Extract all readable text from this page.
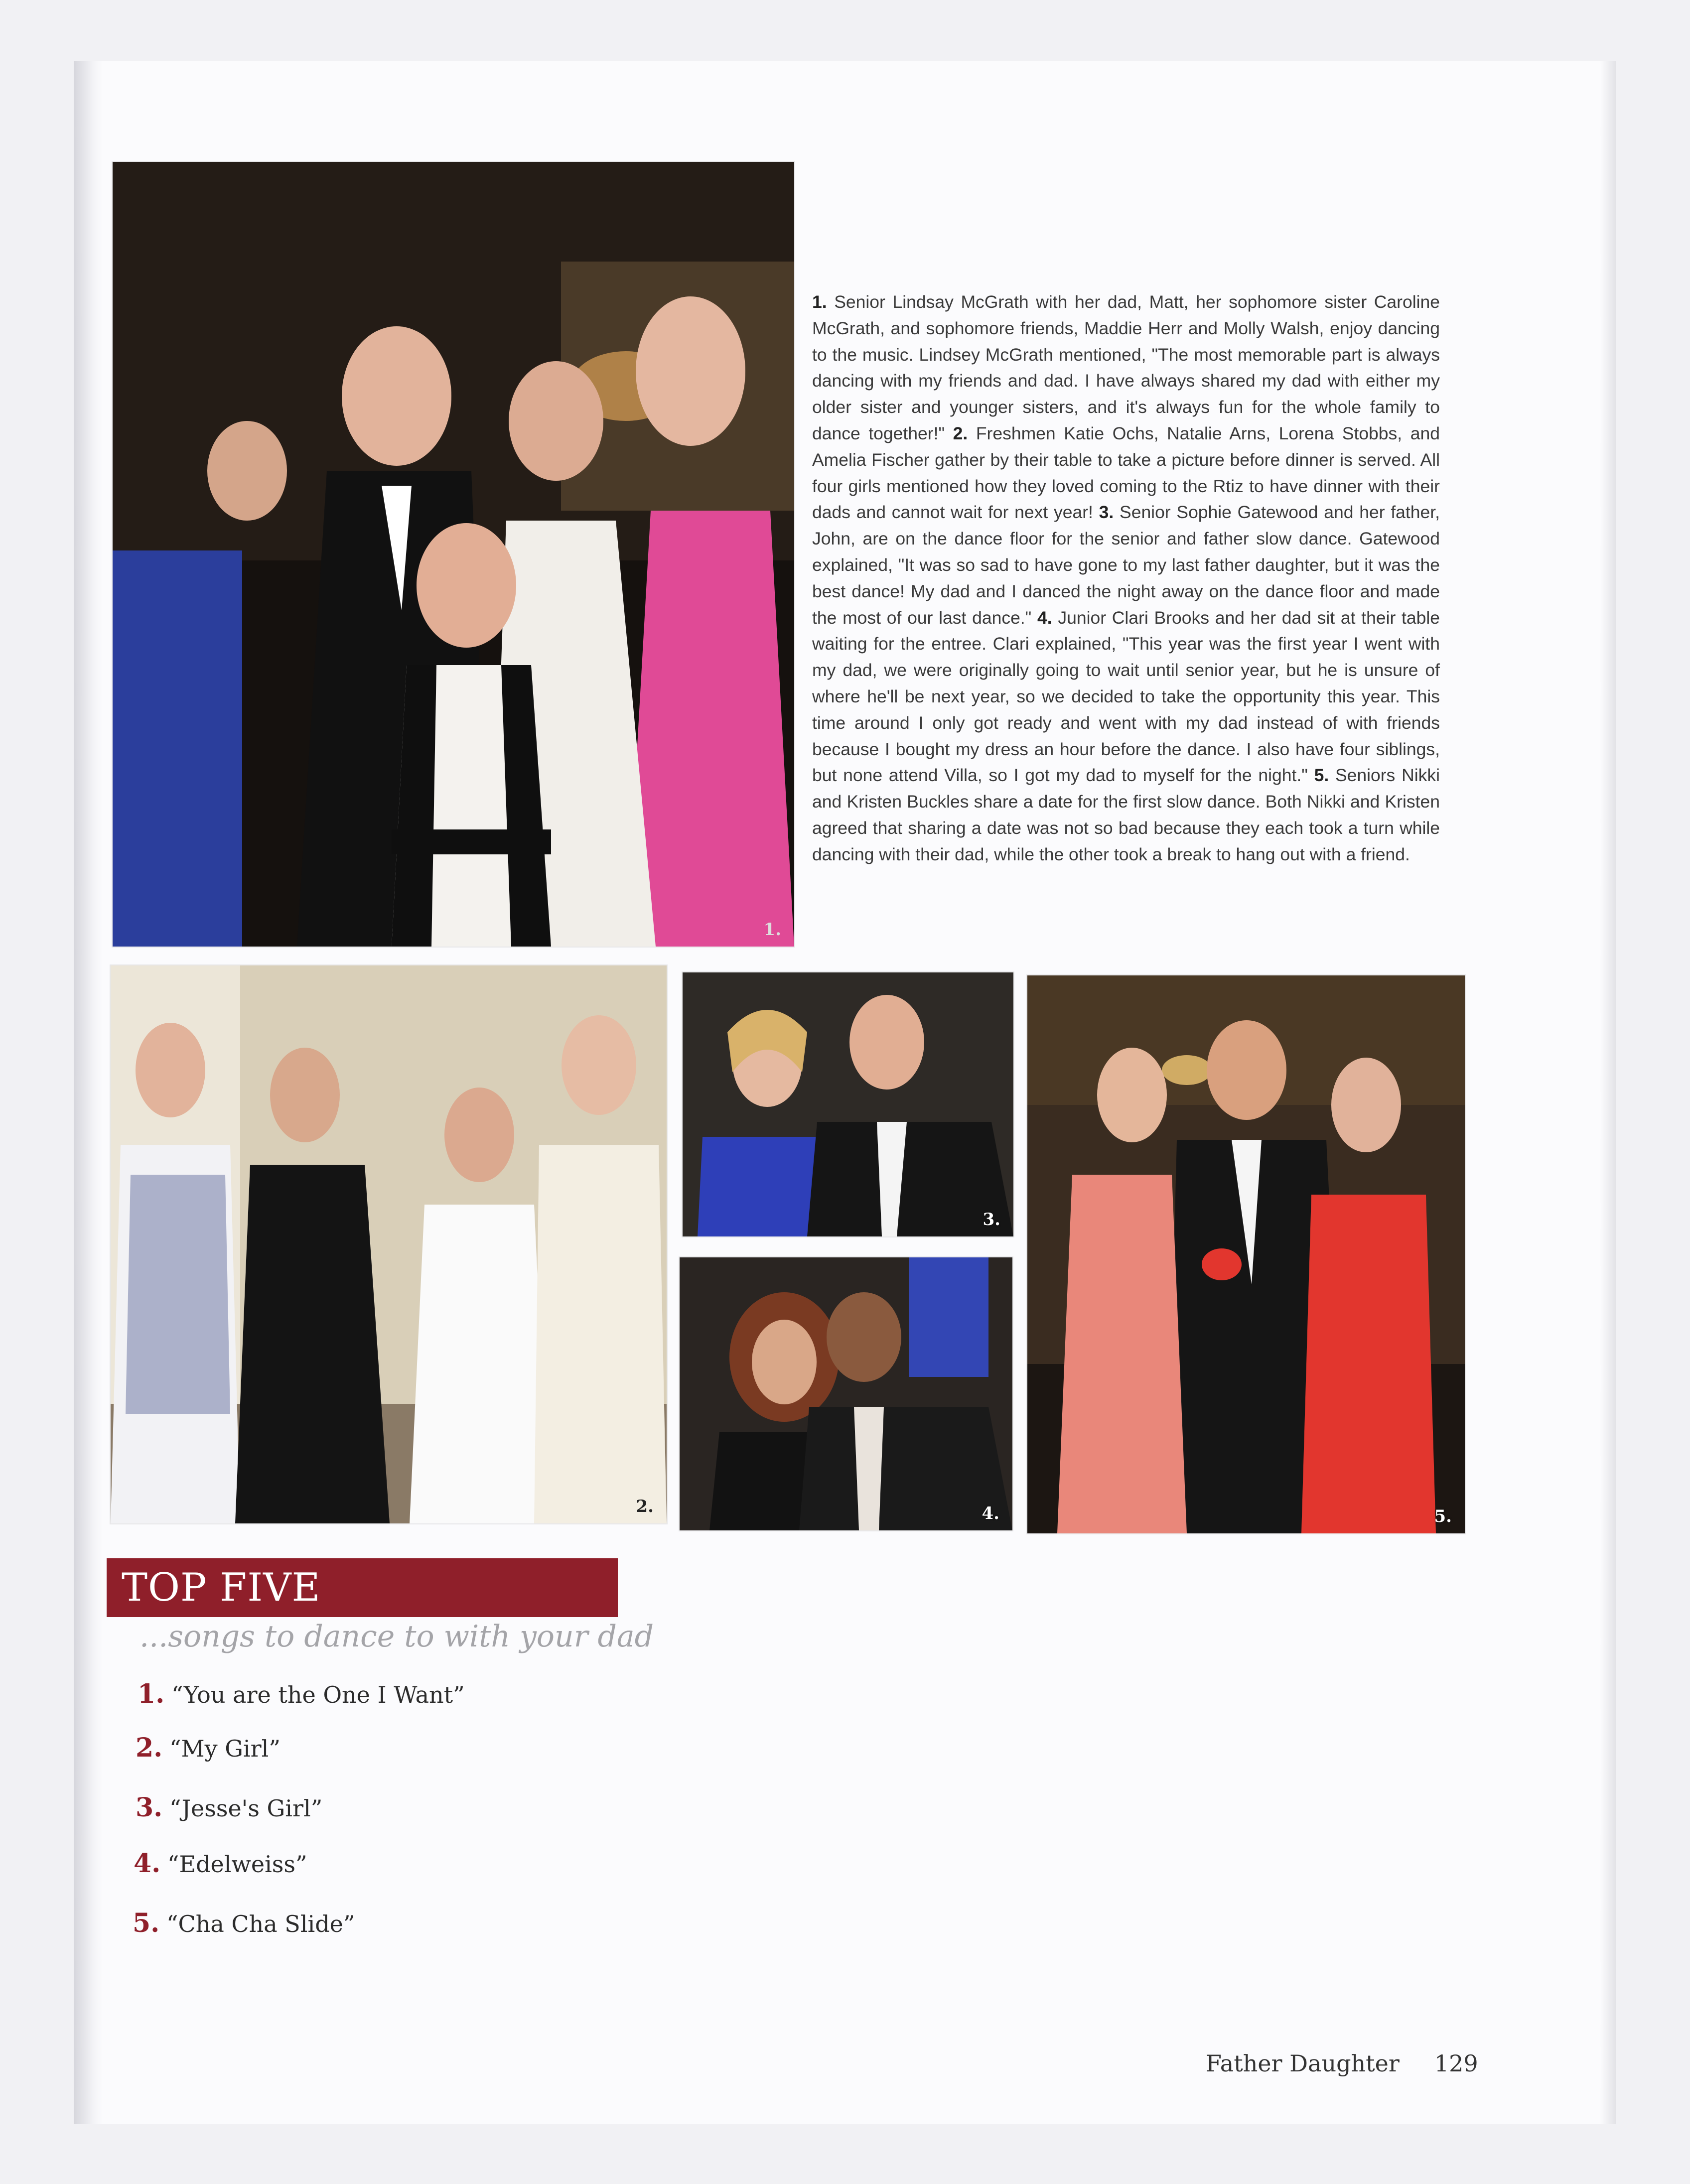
1.
2.
3.
4.	5.
1. Senior Lindsay McGrath with her dad, Matt, her sophomore sister Caroline McGrath, and sophomore friends, Maddie Herr and Molly Walsh, enjoy dancing to the music. Lindsey McGrath mentioned, "The most memorable part is always dancing with my friends and dad. I have always shared my dad with either my older sister and younger sisters, and it's always fun for the whole family to dance together!" 2. Freshmen Katie Ochs, Natalie Arns, Lorena Stobbs, and Amelia Fischer gather by their table to take a picture before dinner is served. All four girls mentioned how they loved coming to the Rtiz to have dinner with their dads and cannot wait for next year! 3. Senior Sophie Gatewood and her father, John, are on the dance floor for the senior and father slow dance. Gatewood explained, "It was so sad to have gone to my last father daughter, but it was the best dance! My dad and I danced the night away on the dance floor and made the most of our last dance." 4. Junior Clari Brooks and her dad sit at their table waiting for the entree. Clari explained, "This year was the first year I went with my dad, we were originally going to wait until senior year, but he is unsure of where he'll be next year, so we decided to take the opportunity this year. This time around I only got ready and went with my dad instead of with friends because I bought my dress an hour before the dance. I also have four siblings, but none attend Villa, so I got my dad to myself for the night." 5. Seniors Nikki and Kristen Buckles share a date for the first slow dance. Both Nikki and Kristen agreed that sharing a date was not so bad because they each took a turn while dancing with their dad, while the other took a break to hang out with a friend.
TOP FIVE
...songs to dance to with your dad
1. “You are the One I Want”
2. “My Girl”
3. “Jesse's Girl”
4. “Edelweiss”
5. “Cha Cha Slide”
Father Daughter 129
